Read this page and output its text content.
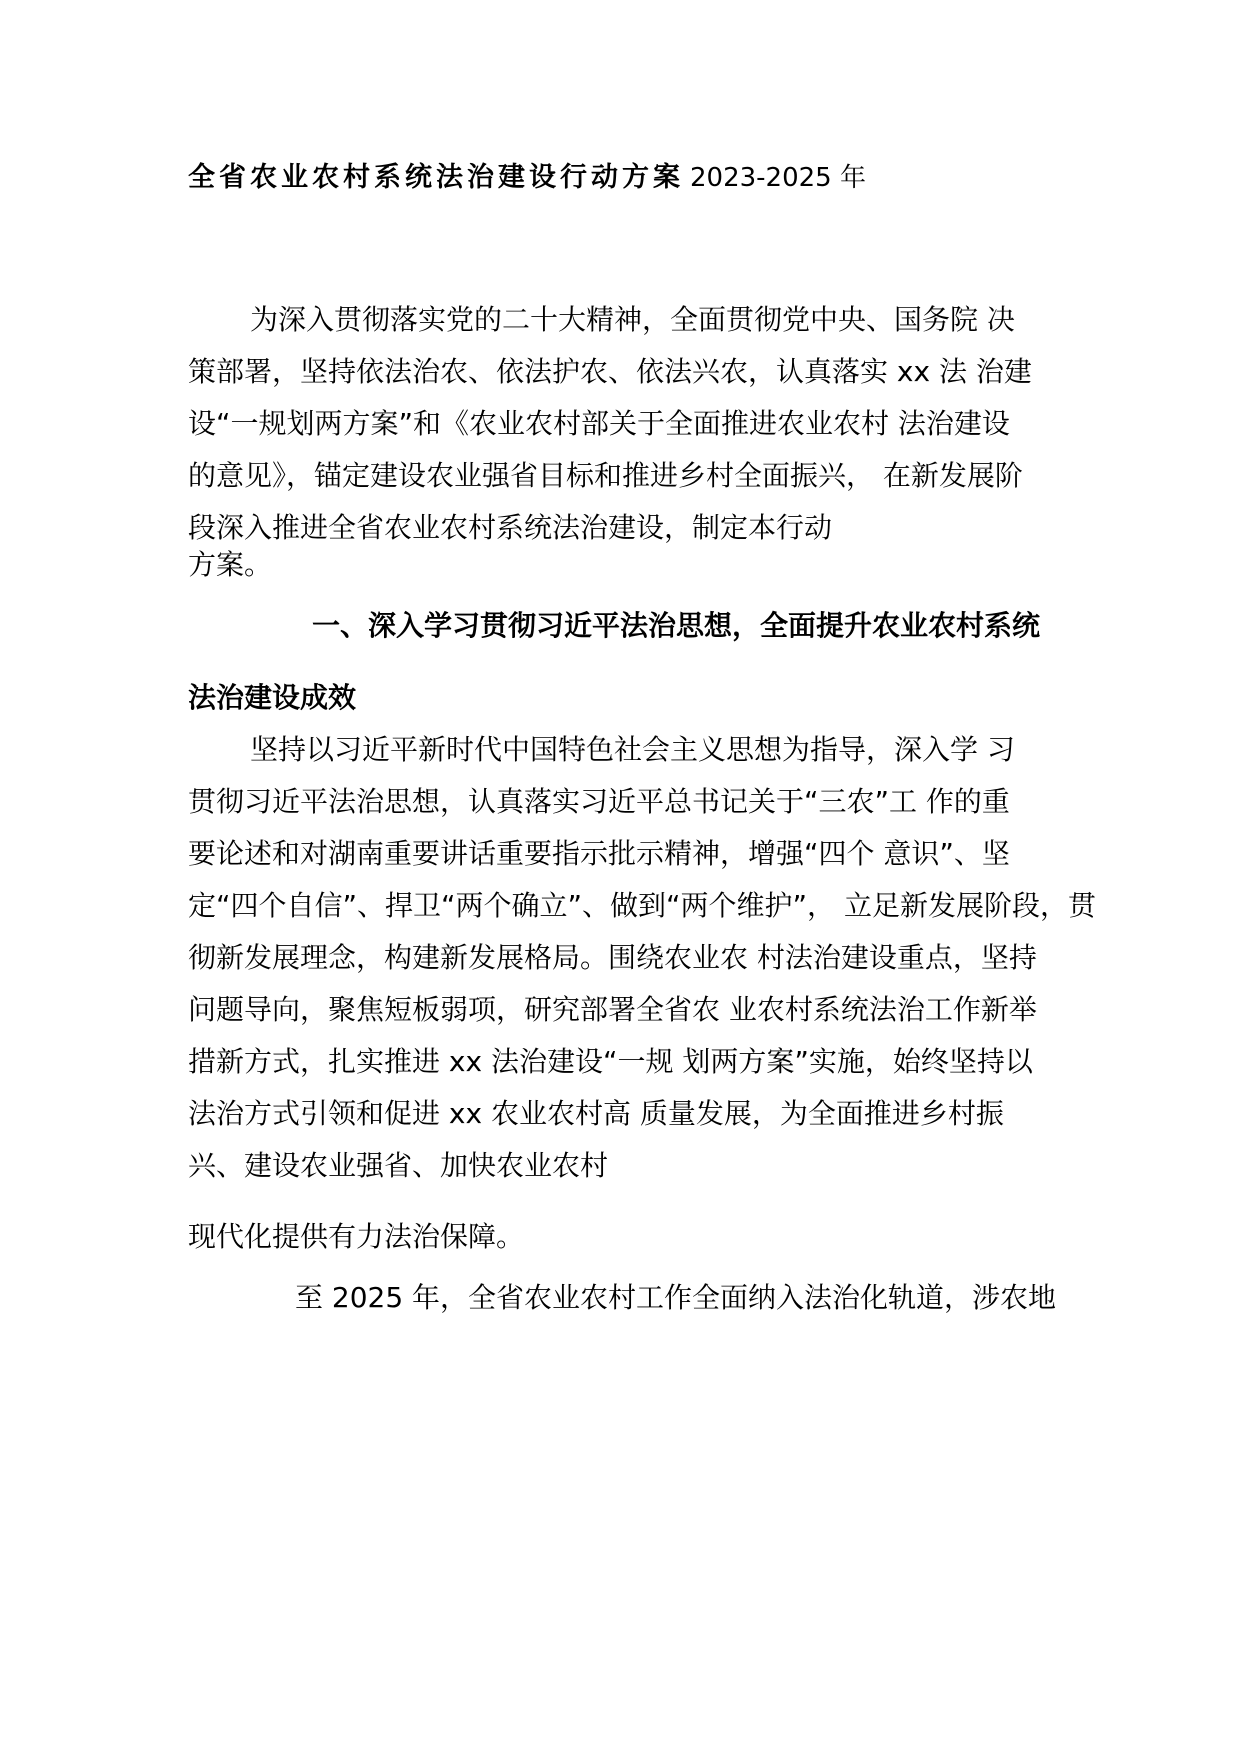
全省农业农村系统法治建设行动方案 2023-2025 年

为深入贯彻落实党的二十大精神，全面贯彻党中央、国务院 决

策部署，坚持依法治农、依法护农、依法兴农，认真落实 xx 法 治建

设“一规划两方案”和《农业农村部关于全面推进农业农村 法治建设

的意见》，锚定建设农业强省目标和推进乡村全面振兴， 在新发展阶

段深入推进全省农业农村系统法治建设，制定本行动

方案。

一、深入学习贯彻习近平法治思想，全面提升农业农村系统
法治建设成效

坚持以习近平新时代中国特色社会主义思想为指导，深入学 习

贯彻习近平法治思想，认真落实习近平总书记关于“三农”工 作的重

要论述和对湖南重要讲话重要指示批示精神，增强“四个 意识”、坚

定“四个自信”、捍卫“两个确立”、做到“两个维护”， 立足新发展阶段，贯

彻新发展理念，构建新发展格局。围绕农业农 村法治建设重点，坚持

问题导向，聚焦短板弱项，研究部署全省农 业农村系统法治工作新举

措新方式，扎实推进 xx 法治建设“一规 划两方案”实施，始终坚持以

法治方式引领和促进 xx 农业农村高 质量发展，为全面推进乡村振

兴、建设农业强省、加快农业农村

现代化提供有力法治保障。

至 2025 年，全省农业农村工作全面纳入法治化轨道，涉农地
